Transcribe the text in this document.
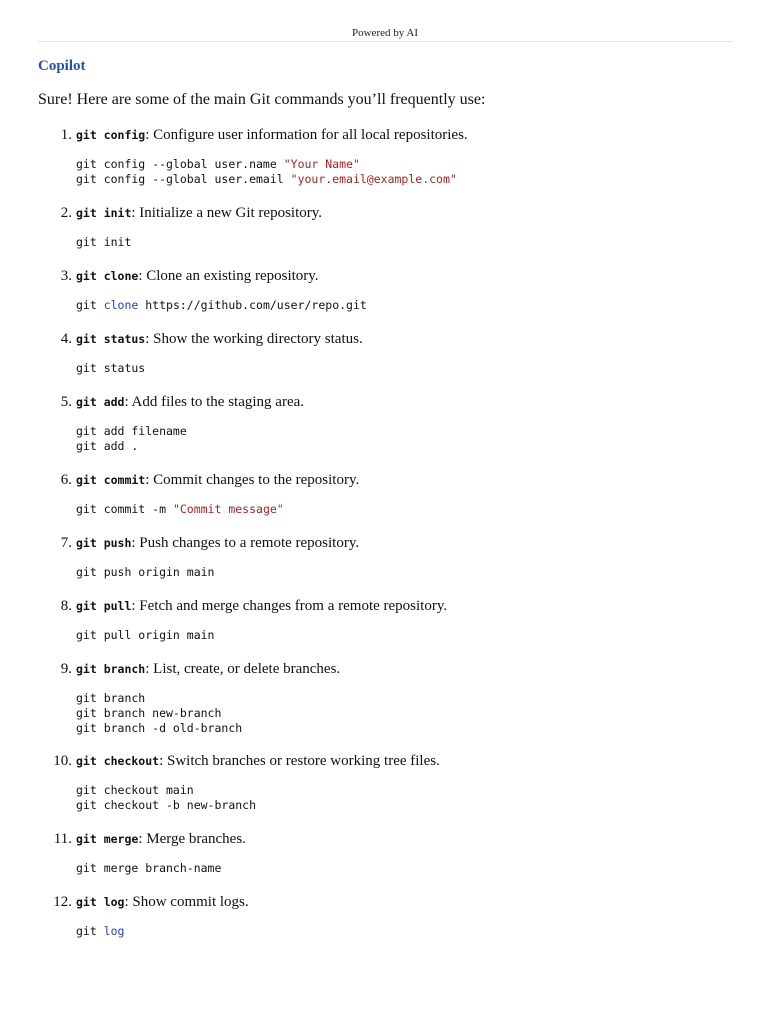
Powered by AI
Copilot
Sure! Here are some of the main Git commands you’ll frequently use:
1. git config: Configure user information for all local repositories.
git config --global user.name "Your Name"
git config --global user.email "your.email@example.com"
2. git init: Initialize a new Git repository.
git init
3. git clone: Clone an existing repository.
git clone https://github.com/user/repo.git
4. git status: Show the working directory status.
git status
5. git add: Add files to the staging area.
git add filename
git add .
6. git commit: Commit changes to the repository.
git commit -m "Commit message"
7. git push: Push changes to a remote repository.
git push origin main
8. git pull: Fetch and merge changes from a remote repository.
git pull origin main
9. git branch: List, create, or delete branches.
git branch
git branch new-branch
git branch -d old-branch
10. git checkout: Switch branches or restore working tree files.
git checkout main
git checkout -b new-branch
11. git merge: Merge branches.
git merge branch-name
12. git log: Show commit logs.
git log
